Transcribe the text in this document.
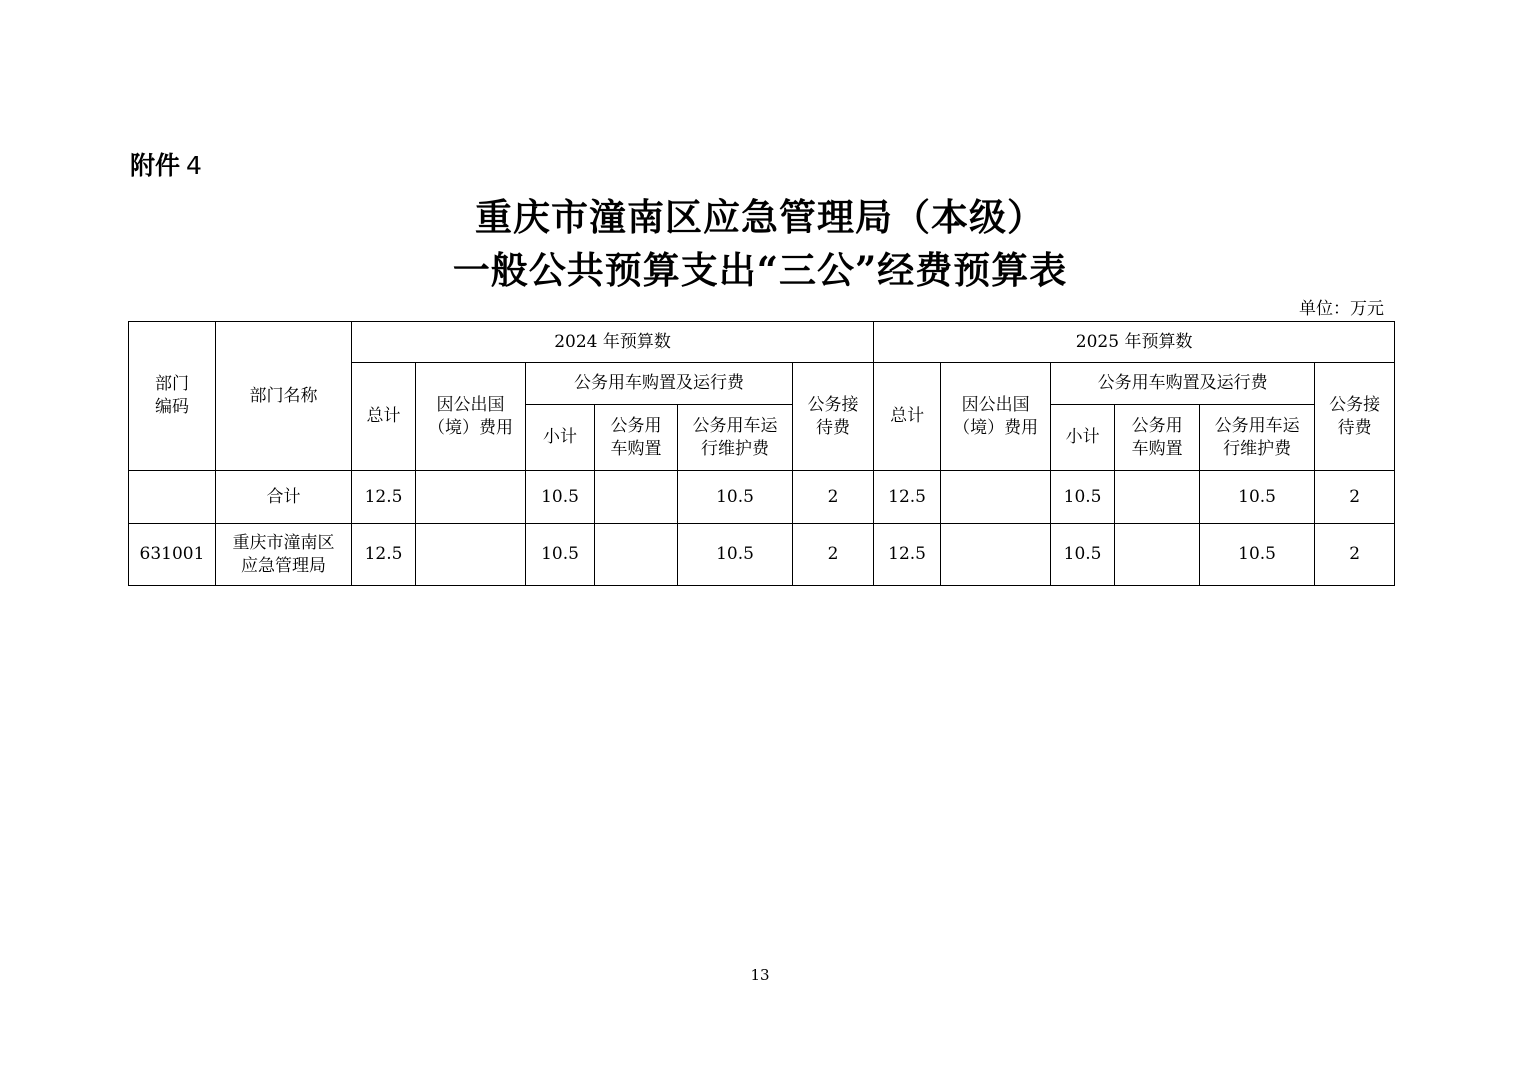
附件 4
重庆市潼南区应急管理局（本级）
一般公共预算支出“三公”经费预算表
单位：万元
部门编码	部门名称	2024 年预算数						2025 年预算数					
		总计	因公出国（境）费用	公务用车购置及运行费			公务接待费	总计	因公出国（境）费用	公务用车购置及运行费			公务接待费

				小计	公务用车购置	公务用车运行维护费				小计	公务用车购置	公务用车运行维护费	

	合计	12.5		10.5		10.5	2	12.5		10.5		10.5	2
631001	重庆市潼南区应急管理局	12.5		10.5		10.5	2	12.5		10.5		10.5	2
13
